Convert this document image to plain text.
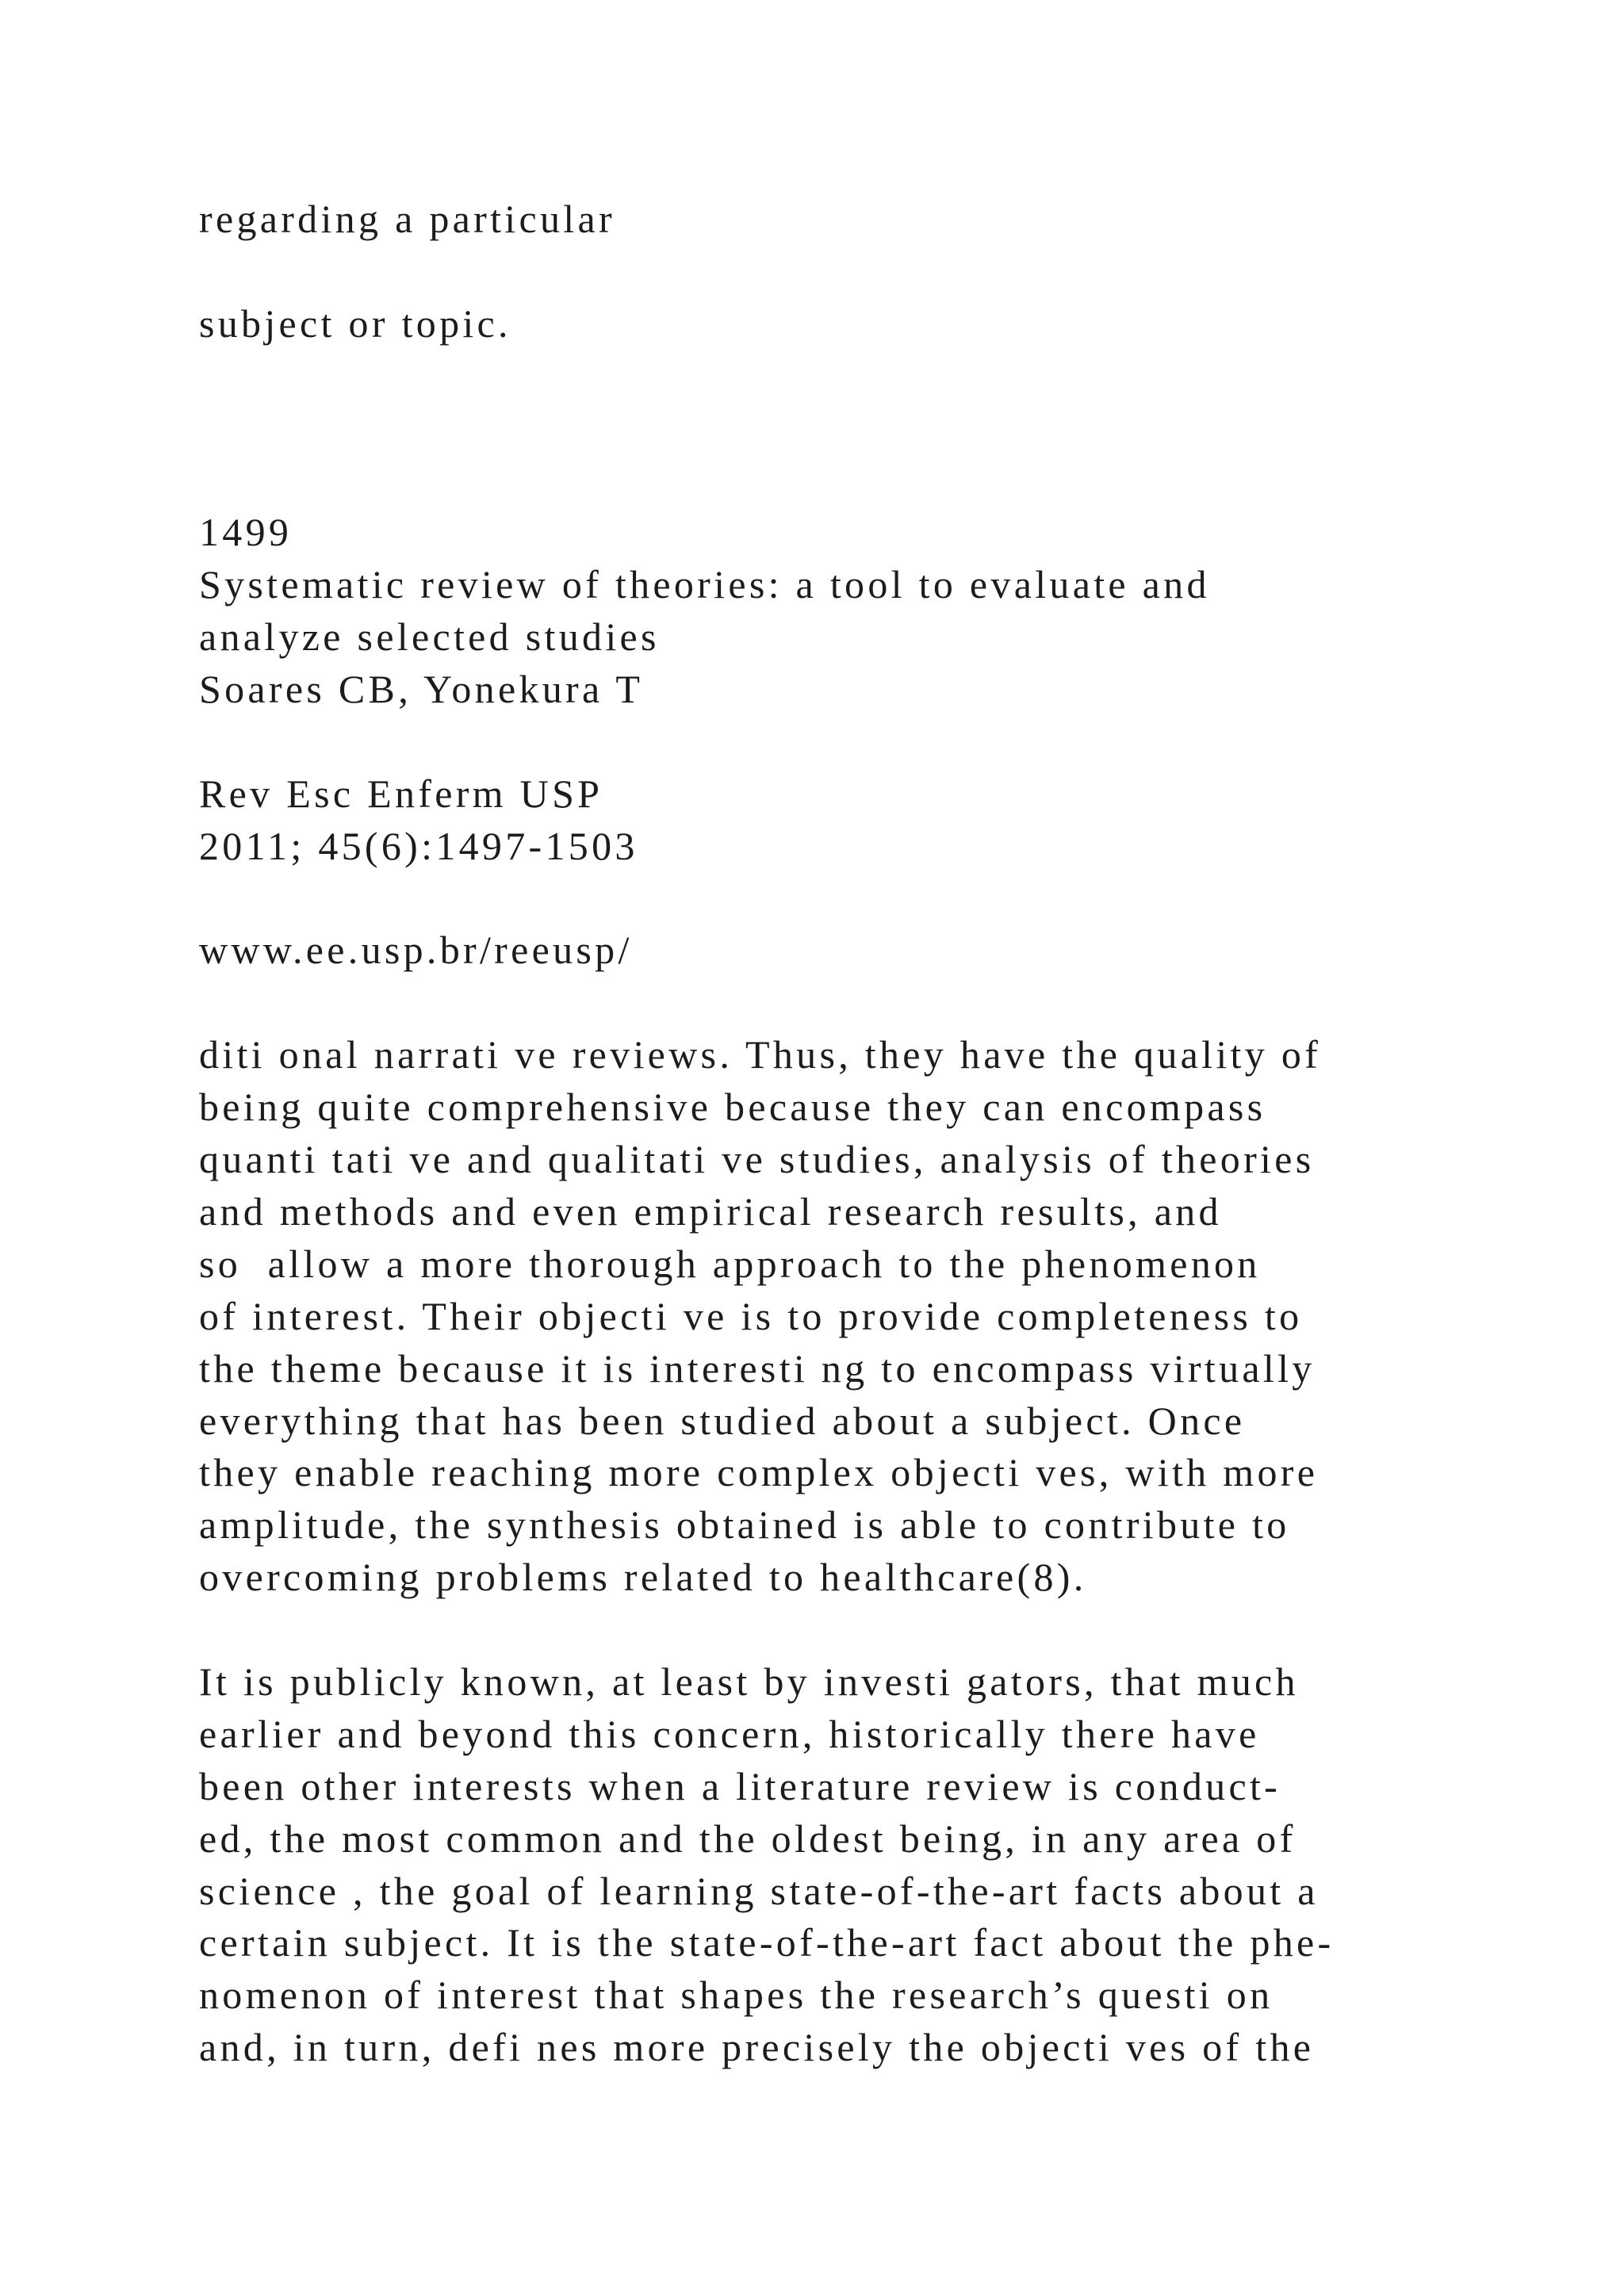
regarding a particular
subject or topic.
1499
Systematic review of theories: a tool to evaluate and
analyze selected studies
Soares CB, Yonekura T
Rev Esc Enferm USP
2011; 45(6):1497-1503
www.ee.usp.br/reeusp/
diti onal narrati ve reviews. Thus, they have the quality of
being quite comprehensive because they can encompass
quanti tati ve and qualitati ve studies, analysis of theories
and methods and even empirical research results, and
so  allow a more thorough approach to the phenomenon
of interest. Their objecti ve is to provide completeness to
the theme because it is interesti ng to encompass virtually
everything that has been studied about a subject. Once
they enable reaching more complex objecti ves, with more
amplitude, the synthesis obtained is able to contribute to
overcoming problems related to healthcare(8).
It is publicly known, at least by investi gators, that much
earlier and beyond this concern, historically there have
been other interests when a literature review is conduct-
ed, the most common and the oldest being, in any area of
science , the goal of learning state-of-the-art facts about a
certain subject. It is the state-of-the-art fact about the phe-
nomenon of interest that shapes the research’s questi on
and, in turn, defi nes more precisely the objecti ves of the
